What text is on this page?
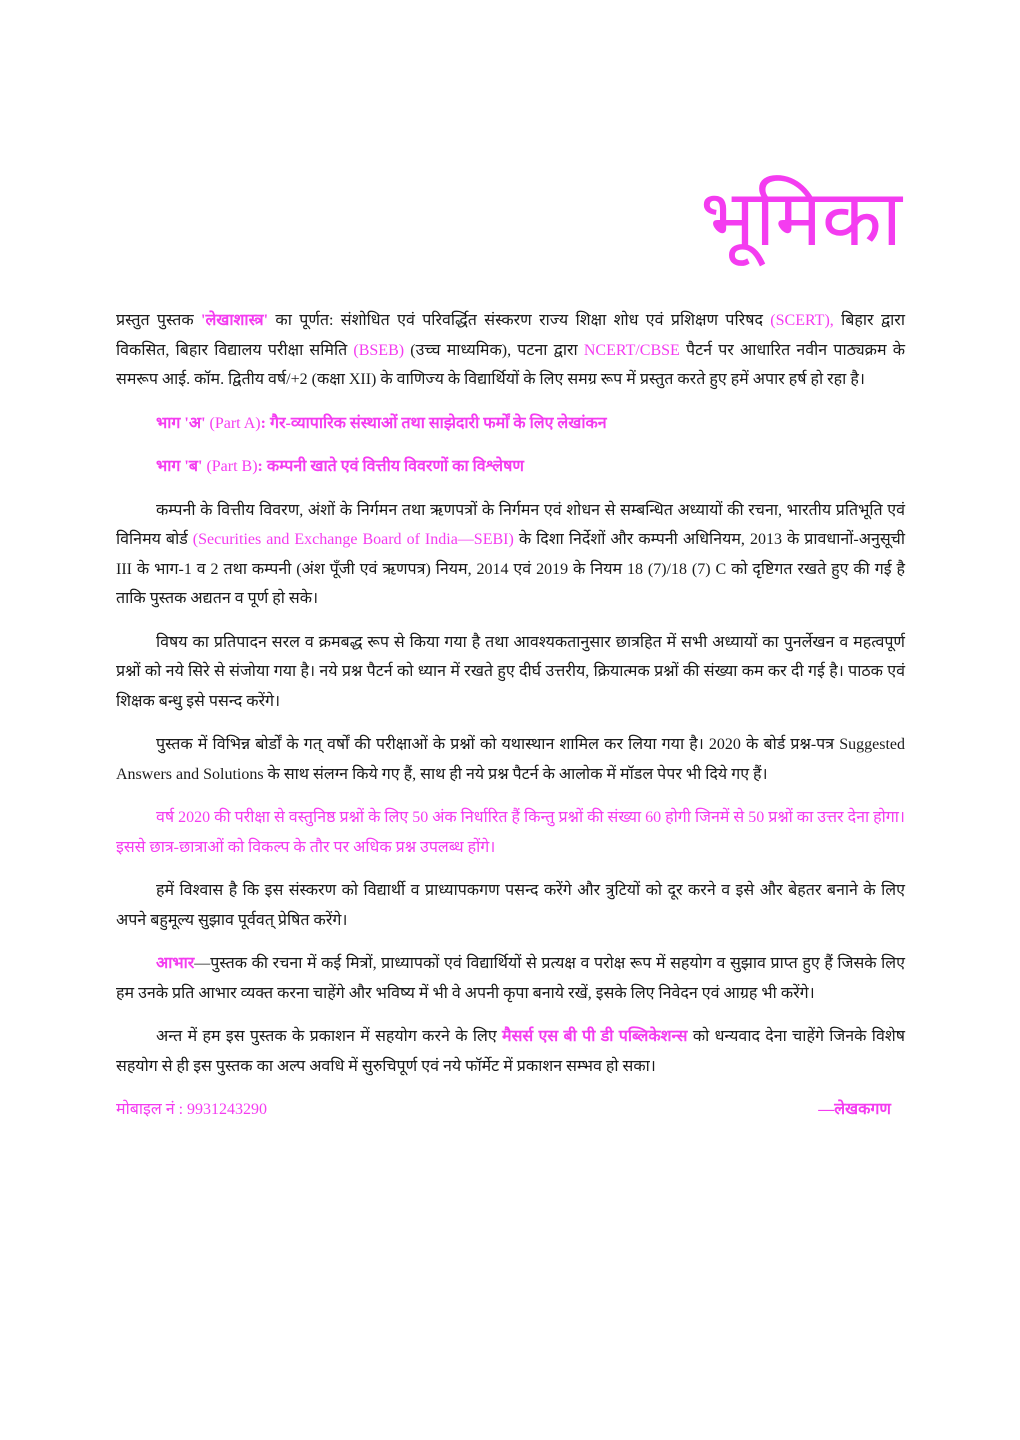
भूमिका

प्रस्तुत पुस्तक 'लेखाशास्त्र' का पूर्णत: संशोधित एवं परिवर्द्धित संस्करण राज्य शिक्षा शोध एवं प्रशिक्षण परिषद (SCERT), बिहार द्वारा विकसित, बिहार विद्यालय परीक्षा समिति (BSEB) (उच्च माध्यमिक), पटना द्वारा NCERT/CBSE पैटर्न पर आधारित नवीन पाठ्यक्रम के समरूप आई. कॉम. द्वितीय वर्ष/+2 (कक्षा XII) के वाणिज्य के विद्यार्थियों के लिए समग्र रूप में प्रस्तुत करते हुए हमें अपार हर्ष हो रहा है।

भाग 'अ' (Part A): गैर-व्यापारिक संस्थाओं तथा साझेदारी फर्मों के लिए लेखांकन

भाग 'ब' (Part B): कम्पनी खाते एवं वित्तीय विवरणों का विश्लेषण

कम्पनी के वित्तीय विवरण, अंशों के निर्गमन तथा ऋणपत्रों के निर्गमन एवं शोधन से सम्बन्धित अध्यायों की रचना, भारतीय प्रतिभूति एवं विनिमय बोर्ड (Securities and Exchange Board of India—SEBI) के दिशा निर्देशों और कम्पनी अधिनियम, 2013 के प्रावधानों-अनुसूची III के भाग-1 व 2 तथा कम्पनी (अंश पूँजी एवं ऋणपत्र) नियम, 2014 एवं 2019 के नियम 18 (7)/18 (7) C को दृष्टिगत रखते हुए की गई है ताकि पुस्तक अद्यतन व पूर्ण हो सके।

विषय का प्रतिपादन सरल व क्रमबद्ध रूप से किया गया है तथा आवश्यकतानुसार छात्रहित में सभी अध्यायों का पुनर्लेखन व महत्वपूर्ण प्रश्नों को नये सिरे से संजोया गया है। नये प्रश्न पैटर्न को ध्यान में रखते हुए दीर्घ उत्तरीय, क्रियात्मक प्रश्नों की संख्या कम कर दी गई है। पाठक एवं शिक्षक बन्धु इसे पसन्द करेंगे।

पुस्तक में विभिन्न बोर्डों के गत् वर्षों की परीक्षाओं के प्रश्नों को यथास्थान शामिल कर लिया गया है। 2020 के बोर्ड प्रश्न-पत्र Suggested Answers and Solutions के साथ संलग्न किये गए हैं, साथ ही नये प्रश्न पैटर्न के आलोक में मॉडल पेपर भी दिये गए हैं।

वर्ष 2020 की परीक्षा से वस्तुनिष्ठ प्रश्नों के लिए 50 अंक निर्धारित हैं किन्तु प्रश्नों की संख्या 60 होगी जिनमें से 50 प्रश्नों का उत्तर देना होगा। इससे छात्र-छात्राओं को विकल्प के तौर पर अधिक प्रश्न उपलब्ध होंगे।

हमें विश्वास है कि इस संस्करण को विद्यार्थी व प्राध्यापकगण पसन्द करेंगे और त्रुटियों को दूर करने व इसे और बेहतर बनाने के लिए अपने बहुमूल्य सुझाव पूर्ववत् प्रेषित करेंगे।

आभार—पुस्तक की रचना में कई मित्रों, प्राध्यापकों एवं विद्यार्थियों से प्रत्यक्ष व परोक्ष रूप में सहयोग व सुझाव प्राप्त हुए हैं जिसके लिए हम उनके प्रति आभार व्यक्त करना चाहेंगे और भविष्य में भी वे अपनी कृपा बनाये रखें, इसके लिए निवेदन एवं आग्रह भी करेंगे।

अन्त में हम इस पुस्तक के प्रकाशन में सहयोग करने के लिए मैसर्स एस बी पी डी पब्लिकेशन्स को धन्यवाद देना चाहेंगे जिनके विशेष सहयोग से ही इस पुस्तक का अल्प अवधि में सुरुचिपूर्ण एवं नये फॉर्मेट में प्रकाशन सम्भव हो सका।

मोबाइल नं : 9931243290	—लेखकगण
